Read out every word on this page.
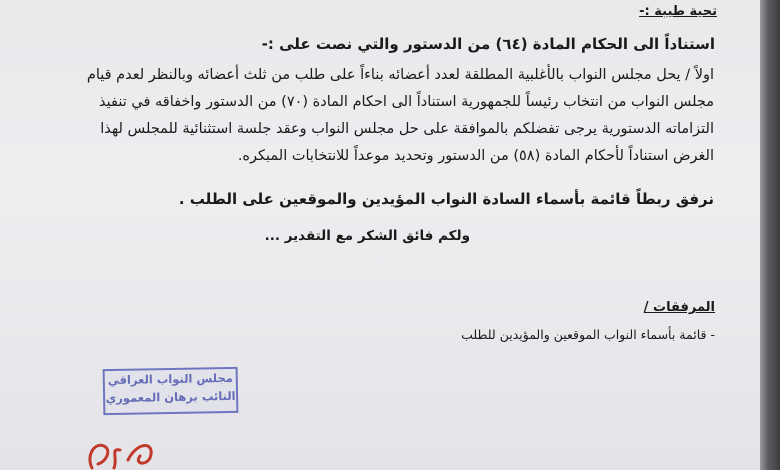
تحية طيبة :-
استناداً الى الحكام المادة (٦٤) من الدستور والتي نصت على :-
اولاً / يحل مجلس النواب بالأغلبية المطلقة لعدد أعضائه بناءاً على طلب من ثلث أعضائه وبالنظر لعدم قيام
مجلس النواب من انتخاب رئيساً للجمهورية استناداً الى احكام المادة (٧٠) من الدستور واخفاقه في تنفيذ
التزاماته الدستورية يرجى تفضلكم بالموافقة على حل مجلس النواب وعقد جلسة استثنائية للمجلس لهذا
الغرض استناداً لأحكام المادة (٥٨) من الدستور وتحديد موعداً للانتخابات المبكره.
نرفق ربطاً قائمة بأسماء السادة النواب المؤيدين والموقعين على الطلب .
ولكم فائق الشكر مع التقدير ...
المرفقات /
- قائمة بأسماء النواب الموقعين والمؤيدين للطلب
مجلس النواب العراقي
النائب برهان المعموري
